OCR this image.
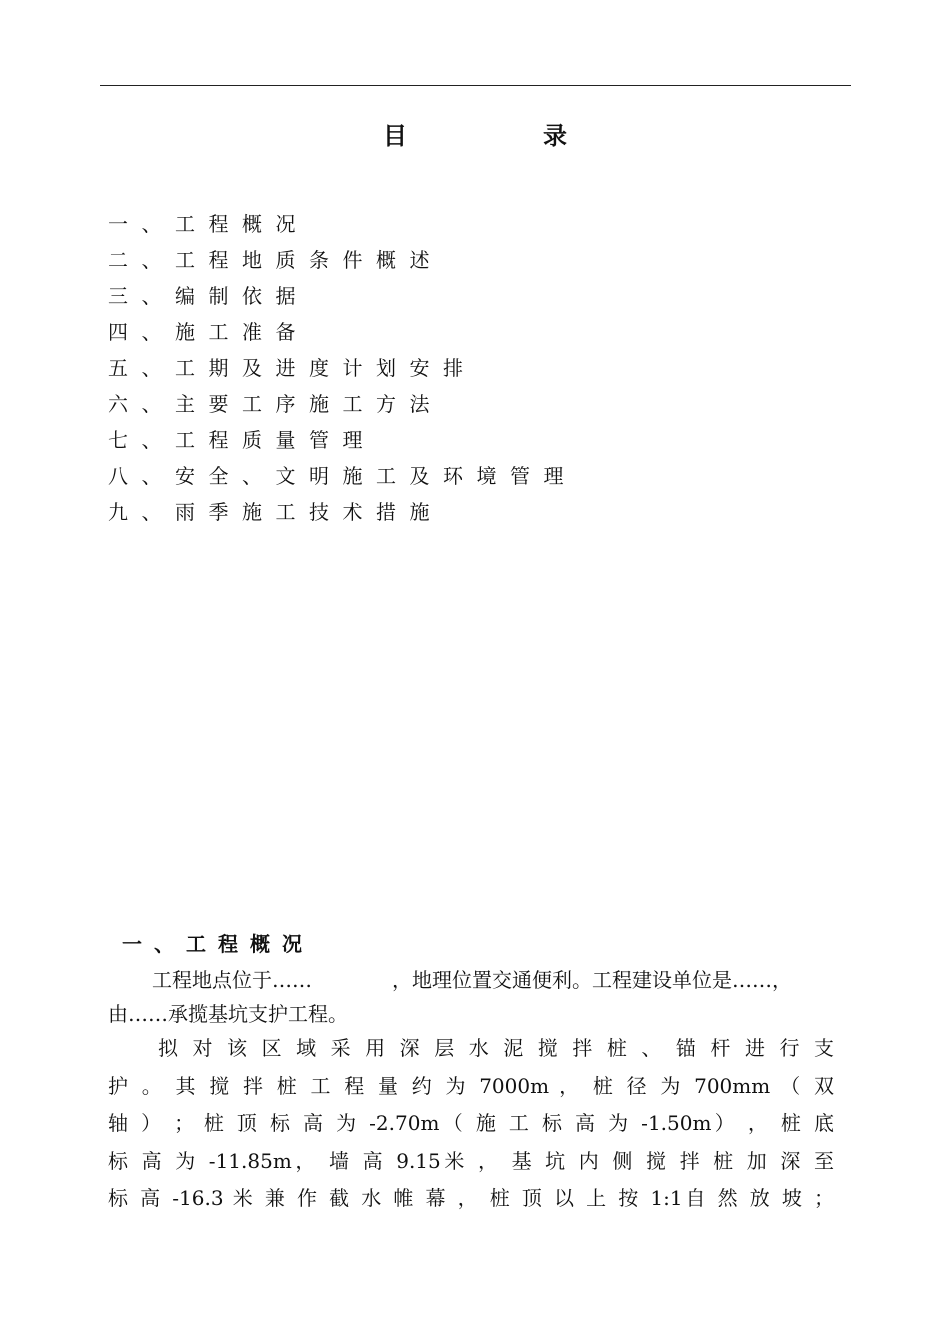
目　录
一、工程概况
二、工程地质条件概述
三、编制依据
四、施工准备
五、工期及进度计划安排
六、主要工序施工方法
七、工程质量管理
八、安全、文明施工及环境管理
九、雨季施工技术措施
一、工程概况
工程地点位于……　　　　，地理位置交通便利。工程建设单位是……，
由……承揽基坑支护工程。
拟 对 该 区 域 采 用 深 层 水 泥 搅 拌 桩 、 锚 杆 进 行 支
护 。 其 搅 拌 桩 工 程 量 约 为 7000m ， 桩 径 为 700mm （ 双
轴 ） ； 桩 顶 标 高 为 -2.70m（ 施 工 标 高 为 -1.50m） ， 桩 底
标 高 为 -11.85m， 墙 高 9.15米 ， 基 坑 内 侧 搅 拌 桩 加 深 至
标 高 -16.3 米 兼 作 截 水 帷 幕 ， 桩 顶 以 上 按 1:1自 然 放 坡 ；
